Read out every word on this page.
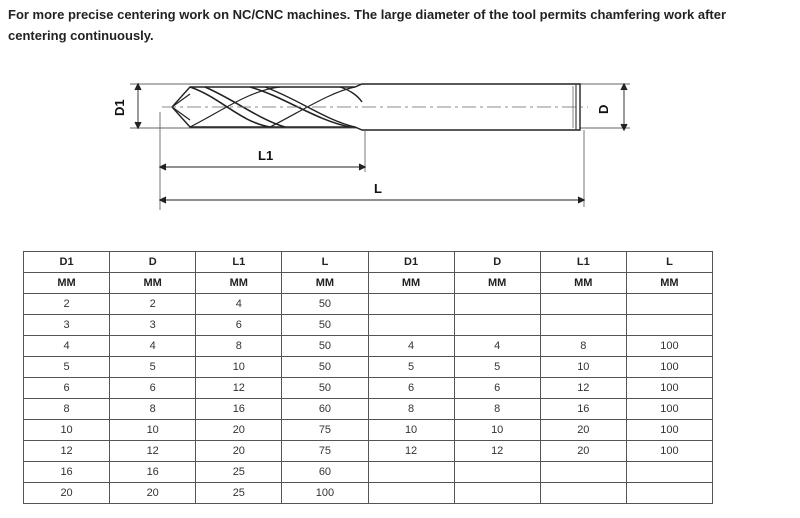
For more precise centering work on NC/CNC machines. The large diameter of the tool permits chamfering work after centering continuously.
D1	D
L1
L
D1	D	L1	L	D1	D	L1	L
MM	MM	MM	MM	MM	MM	MM	MM
2	2	4	50				
3	3	6	50				
4	4	8	50	4	4	8	100
5	5	10	50	5	5	10	100
6	6	12	50	6	6	12	100
8	8	16	60	8	8	16	100
10	10	20	75	10	10	20	100
12	12	20	75	12	12	20	100
16	16	25	60				
20	20	25	100				
